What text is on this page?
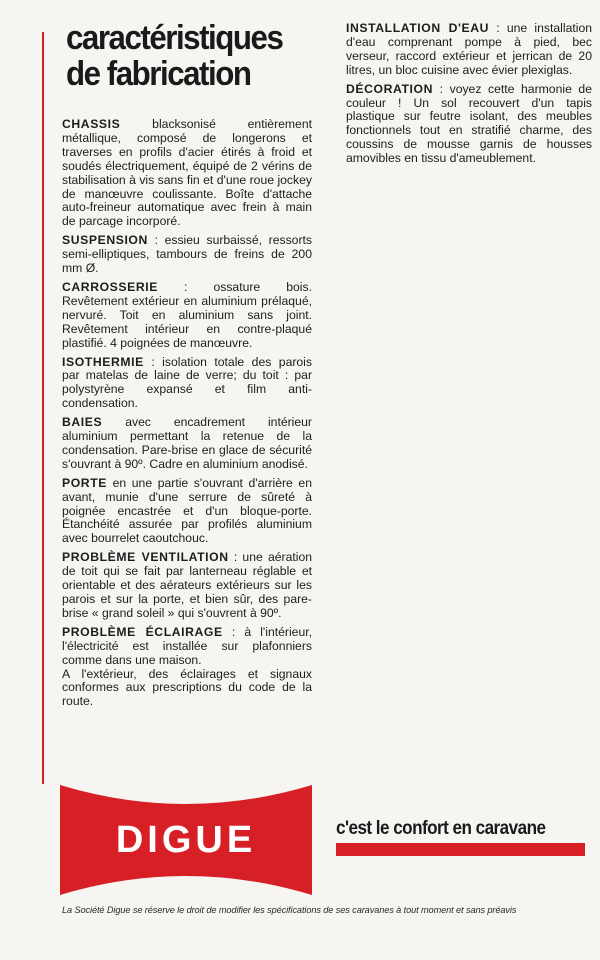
caractéristiques
de fabrication

CHASSIS blacksonisé entièrement métallique, composé de longerons et traverses en profils d'acier étirés à froid et soudés électriquement, équipé de 2 vérins de stabilisation à vis sans fin et d'une roue jockey de manœuvre coulissante. Boîte d'attache auto-freineur automatique avec frein à main de parcage incorporé.

SUSPENSION : essieu surbaissé, ressorts semi-elliptiques, tambours de freins de 200 mm Ø.

CARROSSERIE : ossature bois. Revêtement extérieur en aluminium prélaqué, nervuré. Toit en aluminium sans joint. Revêtement intérieur en contre-plaqué plastifié. 4 poignées de manœuvre.

ISOTHERMIE : isolation totale des parois par matelas de laine de verre; du toit : par polystyrène expansé et film anti-condensation.

BAIES avec encadrement intérieur aluminium permettant la retenue de la condensation. Pare-brise en glace de sécurité s'ouvrant à 90º. Cadre en aluminium anodisé.

PORTE en une partie s'ouvrant d'arrière en avant, munie d'une serrure de sûreté à poignée encastrée et d'un bloque-porte. Étanchéité assurée par profilés aluminium avec bourrelet caoutchouc.

PROBLÈME VENTILATION : une aération de toit qui se fait par lanterneau réglable et orientable et des aérateurs extérieurs sur les parois et sur la porte, et bien sûr, des pare-brise « grand soleil » qui s'ouvrent à 90º.

PROBLÈME ÉCLAIRAGE : à l'intérieur, l'électricité est installée sur plafonniers comme dans une maison.

A l'extérieur, des éclairages et signaux conformes aux prescriptions du code de la route.

INSTALLATION D'EAU : une installation d'eau comprenant pompe à pied, bec verseur, raccord extérieur et jerrican de 20 litres, un bloc cuisine avec évier plexiglas.

DÉCORATION : voyez cette harmonie de couleur ! Un sol recouvert d'un tapis plastique sur feutre isolant, des meubles fonctionnels tout en stratifié charme, des coussins de mousse garnis de housses amovibles en tissu d'ameublement.

DIGUE	c'est le confort en caravane

La Société Digue se réserve le droit de modifier les spécifications de ses caravanes à tout moment et sans préavis
